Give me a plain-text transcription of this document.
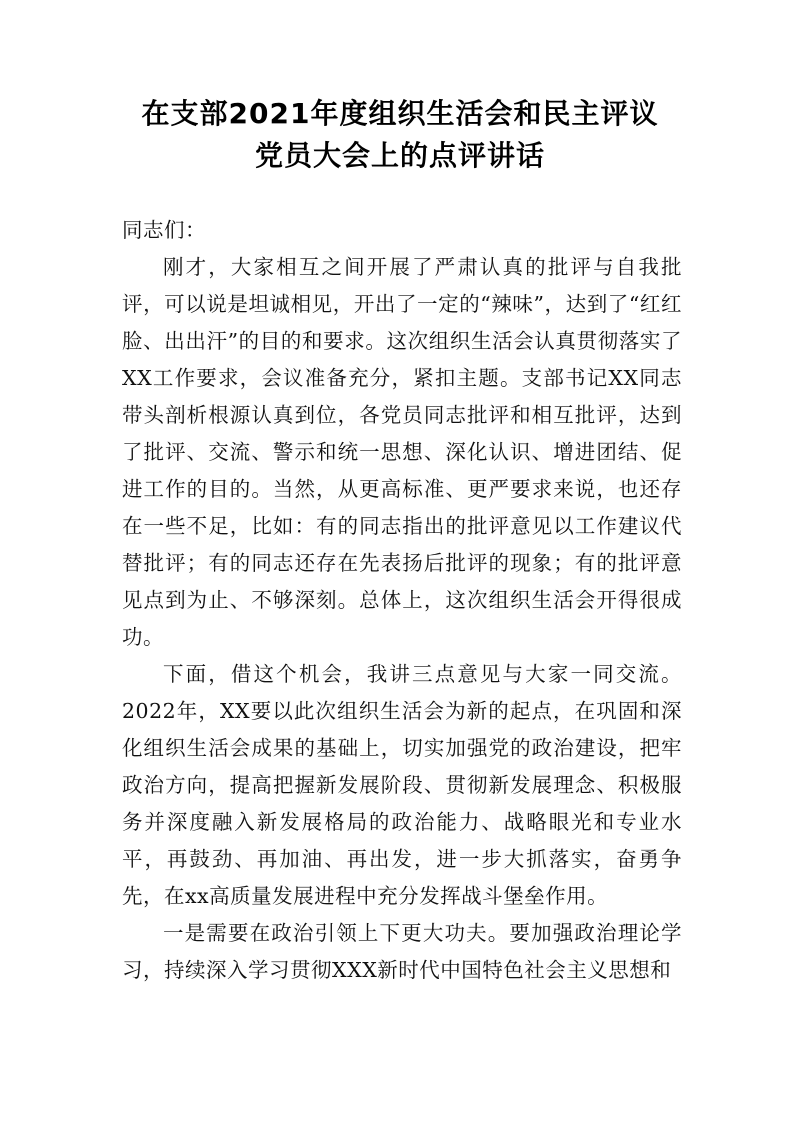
在支部2021年度组织生活会和民主评议
党员大会上的点评讲话

同志们：

刚才，大家相互之间开展了严肃认真的批评与自我批评，可以说是坦诚相见，开出了一定的“辣味”，达到了“红红脸、出出汗”的目的和要求。这次组织生活会认真贯彻落实了XX工作要求，会议准备充分，紧扣主题。支部书记XX同志带头剖析根源认真到位，各党员同志批评和相互批评，达到了批评、交流、警示和统一思想、深化认识、增进团结、促进工作的目的。当然，从更高标准、更严要求来说，也还存在一些不足，比如：有的同志指出的批评意见以工作建议代替批评；有的同志还存在先表扬后批评的现象；有的批评意见点到为止、不够深刻。总体上，这次组织生活会开得很成功。

下面，借这个机会，我讲三点意见与大家一同交流。2022年，XX要以此次组织生活会为新的起点，在巩固和深化组织生活会成果的基础上，切实加强党的政治建设，把牢政治方向，提高把握新发展阶段、贯彻新发展理念、积极服务并深度融入新发展格局的政治能力、战略眼光和专业水平，再鼓劲、再加油、再出发，进一步大抓落实，奋勇争先，在xx高质量发展进程中充分发挥战斗堡垒作用。

一是需要在政治引领上下更大功夫。要加强政治理论学习，持续深入学习贯彻XXX新时代中国特色社会主义思想和
